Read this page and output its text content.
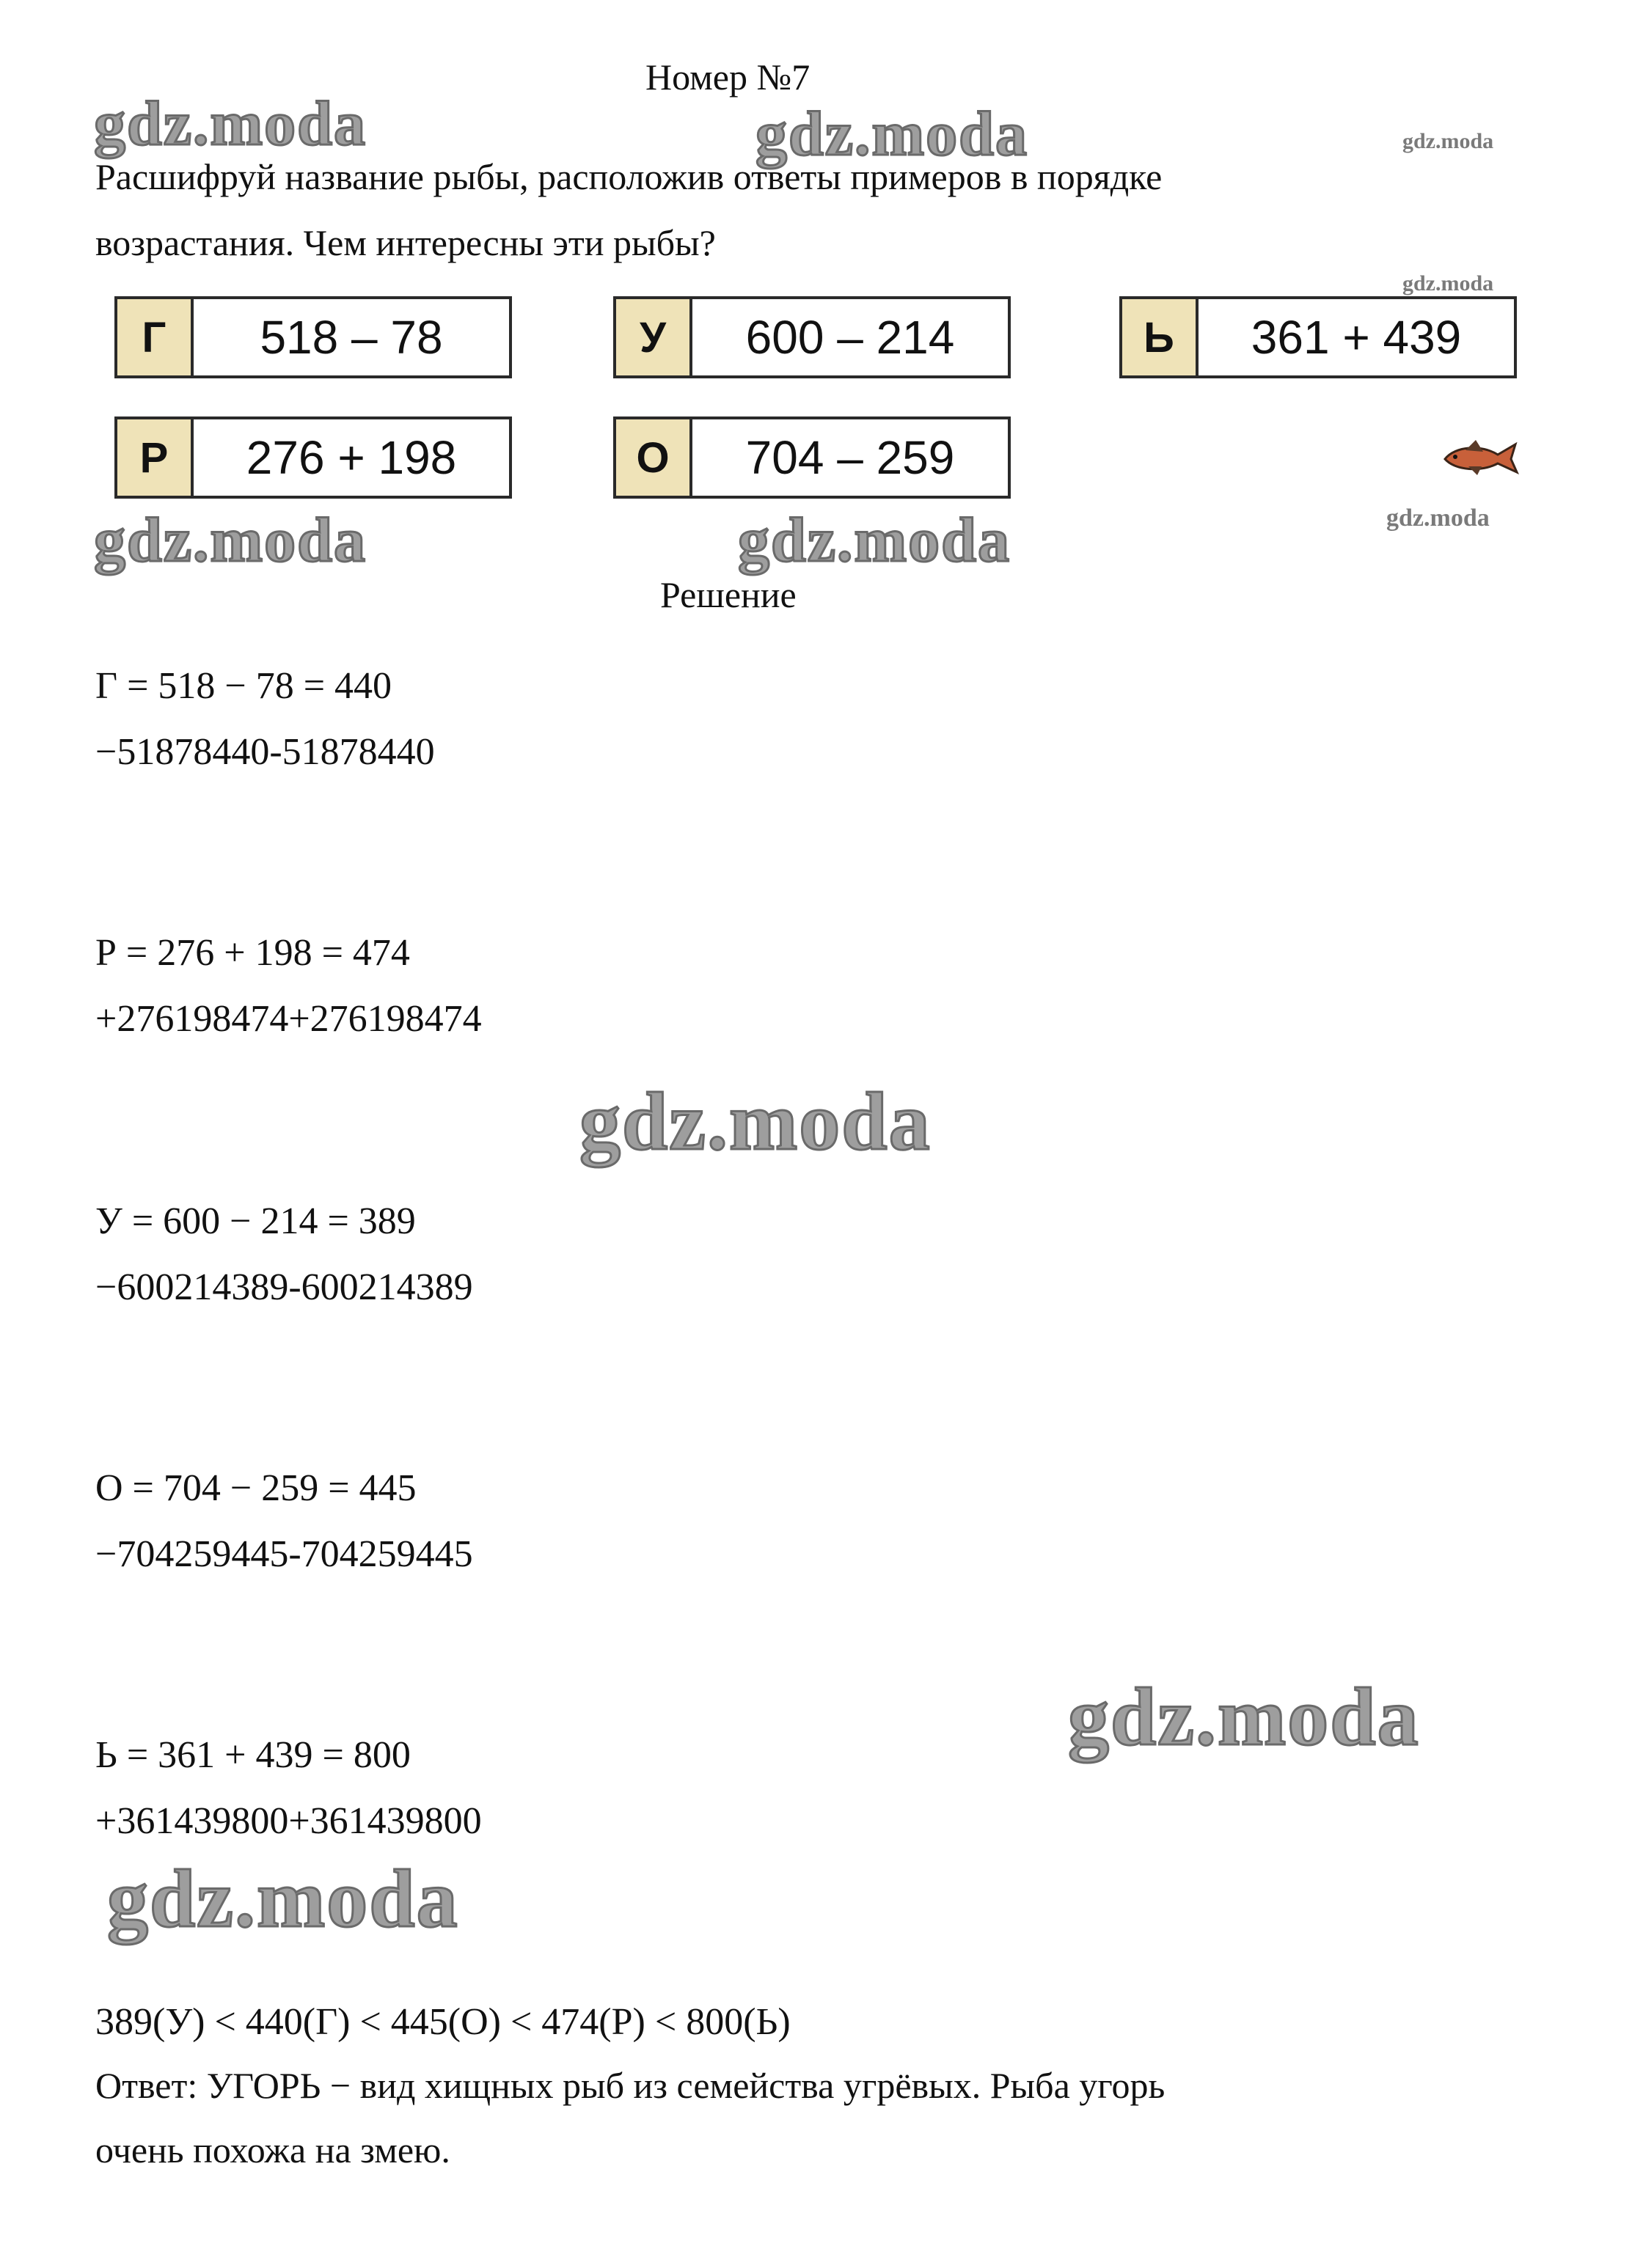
Номер №7
gdz.moda	gdz.moda	gdz.moda
gdz.moda
gdz.moda	gdz.moda	gdz.moda
gdz.moda
gdz.moda
gdz.moda
Расшифруй название рыбы, расположив ответы примеров в порядке
возрастания. Чем интересны эти рыбы?
Г	518 – 78	У	600 – 214	Ь	361 + 439
Р	276 + 198	О	704 – 259
Решение
Г = 518 − 78 = 440
−51878440-51878440
Р = 276 + 198 = 474
+276198474+276198474
У = 600 − 214 = 389
−600214389-600214389
О = 704 − 259 = 445
−704259445-704259445
Ь = 361 + 439 = 800
+361439800+361439800
389(У) < 440(Г) < 445(О) < 474(Р) < 800(Ь)
Ответ: УГОРЬ − вид хищных рыб из семейства угрёвых. Рыба угорь
очень похожа на змею.
